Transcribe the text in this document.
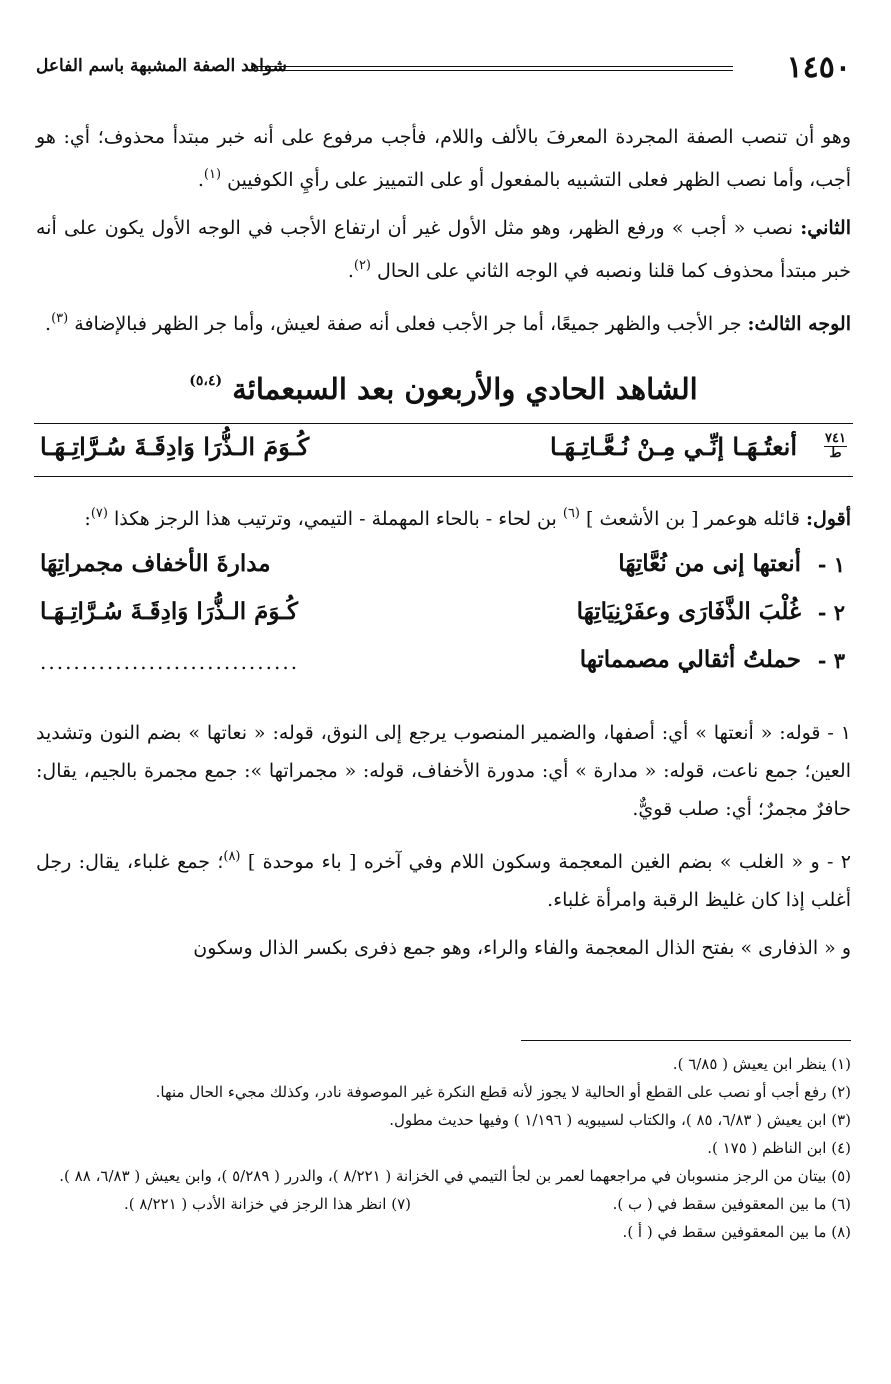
١٤٥٠
شواهد الصفة المشبهة باسم الفاعل

وهو أن تنصب الصفة المجردة المعرفَ بالألف واللام، فأجب مرفوع على أنه خبر مبتدأ محذوف؛ أي: هو أجب، وأما نصب الظهر فعلى التشبيه بالمفعول أو على التمييز على رأيِ الكوفيين $^{(١)}$.

الثاني: نصب « أجب » ورفع الظهر، وهو مثل الأول غير أن ارتفاع الأجب في الوجه الأول يكون على أنه خبر مبتدأ محذوف كما قلنا ونصبه في الوجه الثاني على الحال $^{(٢)}$.

الوجه الثالث: جر الأجب والظهر جميعًا، أما جر الأجب فعلى أنه صفة لعيش، وأما جر الظهر فبالإضافة $^{(٣)}$.

الشاهد الحادي والأربعون بعد السبعمائة $^{(٥،٤)}$
٧٤١
ط
أنعتُـهَـا إنِّـي مِـنْ نُـعَّـاتِـهَـا
كُـوَمَ الـذُّرَا وَادِقَـةَ سُـرَّاتِـهَـا

أقول: قائله هوعمر [ بن الأشعث ] $^{(٦)}$ بن لحاء - بالحاء المهملة - التيمي، وترتيب هذا الرجز هكذا $^{(٧)}$:

١ -
أنعتها إنى من نُعَّاتِهَا
مدارةَ الأخفاف مجمراتِهَا
٢ -
غُلْبَ الذَّفَارَى وعفَرْنِيَاتِهَا
كُـوَمَ الـذُّرَا وَادِقَـةَ سُـرَّاتِـهَـا
٣ -
حملتُ أثقالي مصمماتها
...............................

١ - قوله: « أنعتها » أي: أصفها، والضمير المنصوب يرجع إلى النوق، قوله: « نعاتها » بضم النون وتشديد العين؛ جمع ناعت، قوله: « مدارة » أي: مدورة الأخفاف، قوله: « مجمراتها »: جمع مجمرة بالجيم، يقال: حافرٌ مجمرٌ؛ أي: صلب قويٌّ.

٢ - و « الغلب » بضم الغين المعجمة وسكون اللام وفي آخره [ باء موحدة ] $^{(٨)}$؛ جمع غلباء، يقال: رجل أغلب إذا كان غليظ الرقبة وامرأة غلباء.

و « الذفارى » بفتح الذال المعجمة والفاء والراء، وهو جمع ذفرى بكسر الذال وسكون

(١) ينظر ابن يعيش ( ٦/٨٥ ).

(٢) رفع أجب أو نصب على القطع أو الحالية لا يجوز لأنه قطع النكرة غير الموصوفة نادر، وكذلك مجيء الحال منها.

(٣) ابن يعيش ( ٦/٨٣، ٨٥ )، والكتاب لسيبويه ( ١/١٩٦ ) وفيها حديث مطول.

(٤) ابن الناظم ( ١٧٥ ).

(٥) بيتان من الرجز منسوبان في مراجعهما لعمر بن لجأ التيمي في الخزانة ( ٨/٢٢١ )، والدرر ( ٥/٢٨٩ )، وابن يعيش ( ٦/٨٣، ٨٨ ).

(٦) ما بين المعقوفين سقط في ( ب ).
(٧) انظر هذا الرجز في خزانة الأدب ( ٨/٢٢١ ).

(٨) ما بين المعقوفين سقط في ( أ ).
